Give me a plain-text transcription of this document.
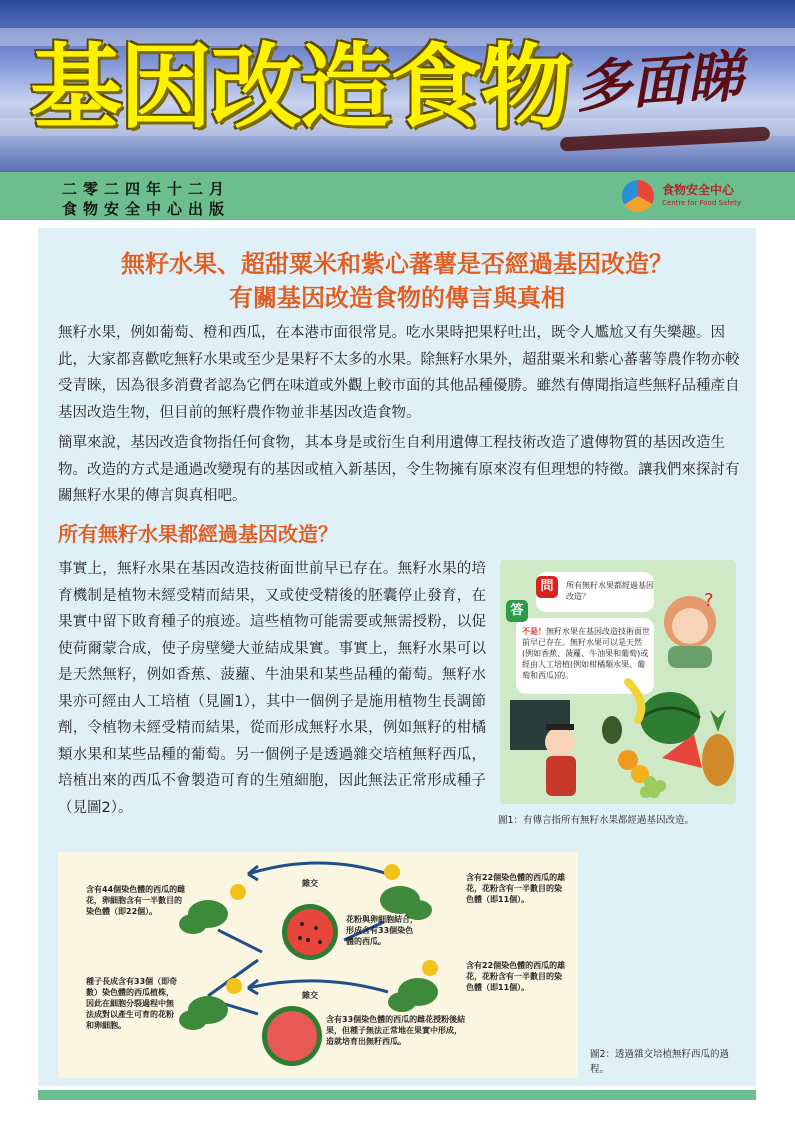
基因改造食物 多面睇
二零二四年十二月
食物安全中心出版
食物安全中心
Centre for Food Safety
無籽水果、超甜粟米和紫心蕃薯是否經過基因改造？
有關基因改造食物的傳言與真相
無籽水果，例如葡萄、橙和西瓜，在本港市面很常見。吃水果時把果籽吐出，既令人尷尬又有失樂趣。因此，大家都喜歡吃無籽水果或至少是果籽不太多的水果。除無籽水果外，超甜粟米和紫心蕃薯等農作物亦較受青睞，因為很多消費者認為它們在味道或外觀上較市面的其他品種優勝。雖然有傳聞指這些無籽品種產自基因改造生物，但目前的無籽農作物並非基因改造食物。
簡單來說，基因改造食物指任何食物，其本身是或衍生自利用遺傳工程技術改造了遺傳物質的基因改造生物。改造的方式是通過改變現有的基因或植入新基因，令生物擁有原來沒有但理想的特徵。讓我們來探討有關無籽水果的傳言與真相吧。
所有無籽水果都經過基因改造？
事實上，無籽水果在基因改造技術面世前早已存在。無籽水果的培育機制是植物未經受精而結果，又或使受精後的胚囊停止發育，在果實中留下敗育種子的痕迹。這些植物可能需要或無需授粉，以促使荷爾蒙合成，使子房壁變大並結成果實。事實上，無籽水果可以是天然無籽，例如香蕉、菠蘿、牛油果和某些品種的葡萄。無籽水果亦可經由人工培植（見圖1），其中一個例子是施用植物生長調節劑，令植物未經受精而結果，從而形成無籽水果，例如無籽的柑橘類水果和某些品種的葡萄。另一個例子是透過雜交培植無籽西瓜，培植出來的西瓜不會製造可育的生殖細胞，因此無法正常形成種子（見圖2）。
問	所有無籽水果都經過基因改造？
答
不是！無籽水果在基因改造技術面世前早已存在。無籽水果可以是天然(例如香蕉、菠蘿、牛油果和葡萄)或經由人工培植(例如柑橘類水果、葡萄和西瓜)的。
?
圖1：有傳言指所有無籽水果都經過基因改造。
含有44個染色體的西瓜的雌花，卵細胞含有一半數目的染色體（即22個）。
雜交
含有22個染色體的西瓜的雄花，花粉含有一半數目的染色體（即11個）。
花粉與卵細胞結合，形成含有33個染色體的西瓜。
含有22個染色體的西瓜的雄花，花粉含有一半數目的染色體（即11個）。
種子長成含有33個（即奇數）染色體的西瓜植株，因此在細胞分裂過程中無法成對以產生可育的花粉和卵細胞。
雜交
含有33個染色體的西瓜的雌花授粉後結果，但種子無法正常地在果實中形成，造就培育出無籽西瓜。
圖2：透過雜交培植無籽西瓜的過程。
